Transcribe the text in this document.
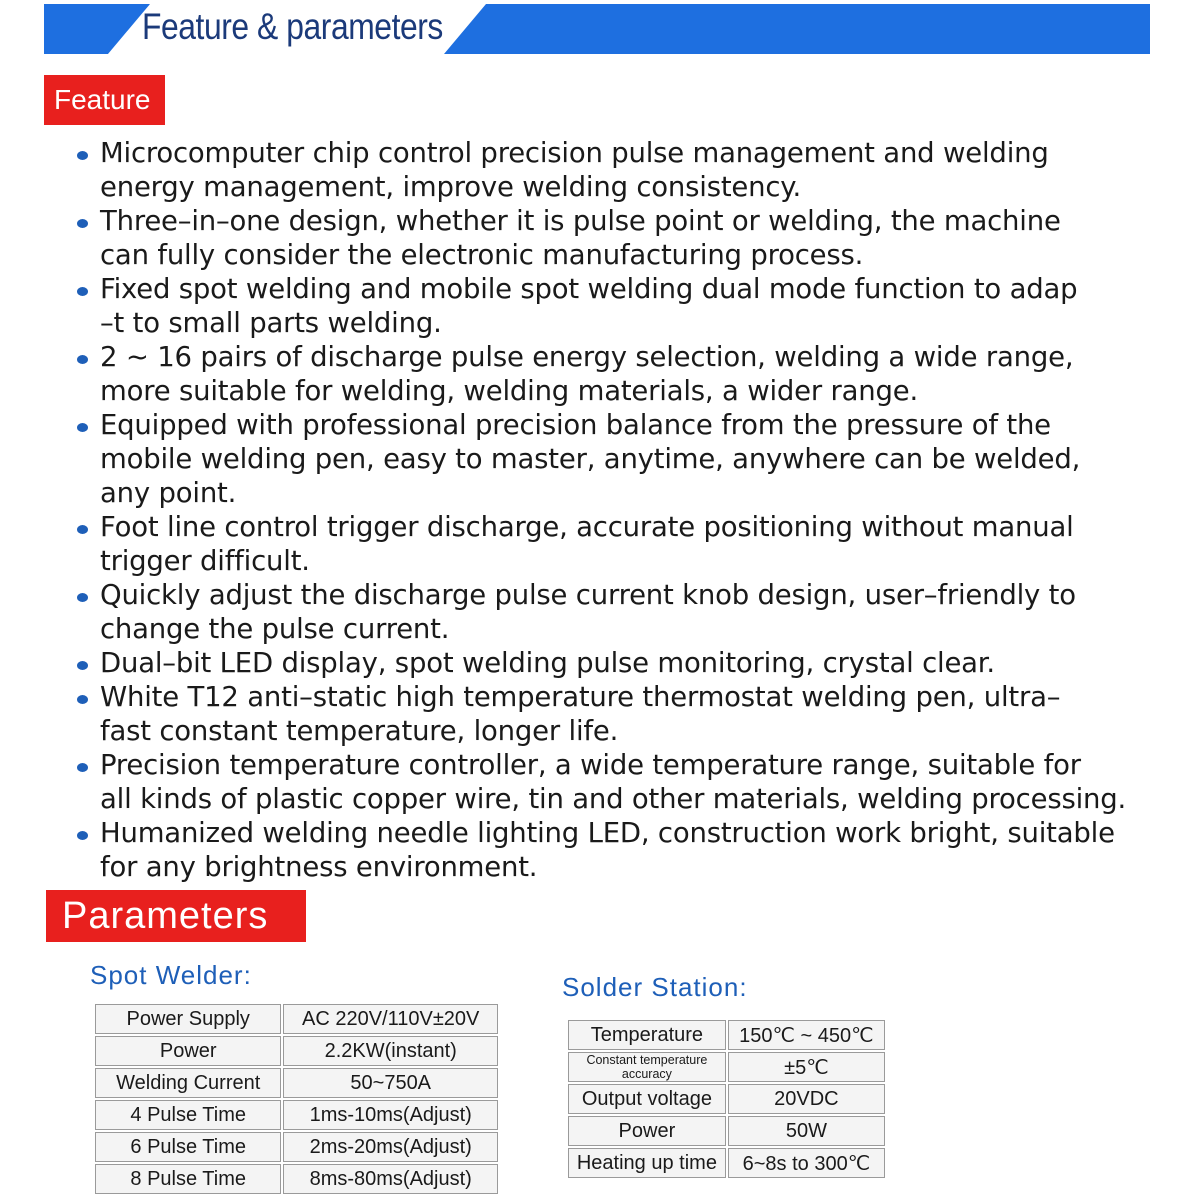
Feature & parameters
Feature
Microcomputer chip control precision pulse management and welding
energy management, improve welding consistency.
Three–in–one design, whether it is pulse point or welding, the machine
can fully consider the electronic manufacturing process.
Fixed spot welding and mobile spot welding dual mode function to adap
–t to small parts welding.
2 ~ 16 pairs of discharge pulse energy selection, welding a wide range,
more suitable for welding, welding materials, a wider range.
Equipped with professional precision balance from the pressure of the
mobile welding pen, easy to master, anytime, anywhere can be welded,
any point.
Foot line control trigger discharge, accurate positioning without manual
trigger difficult.
Quickly adjust the discharge pulse current knob design, user–friendly to
change the pulse current.
Dual–bit LED display, spot welding pulse monitoring, crystal clear.
White T12 anti–static high temperature thermostat welding pen, ultra–
fast constant temperature, longer life.
Precision temperature controller, a wide temperature range, suitable for
all kinds of plastic copper wire, tin and other materials, welding processing.
Humanized welding needle lighting LED, construction work bright, suitable
for any brightness environment.
Parameters
Spot Welder:	Solder Station:
Power Supply	AC 220V/110V±20V
Power	2.2KW(instant)
Welding Current	50~750A
4 Pulse Time	1ms-10ms(Adjust)
6 Pulse Time	2ms-20ms(Adjust)
8 Pulse Time	8ms-80ms(Adjust)
Temperature	150℃ ~ 450℃
Constant temperature accuracy	±5℃
Output voltage	20VDC
Power	50W
Heating up time	6~8s to 300℃
